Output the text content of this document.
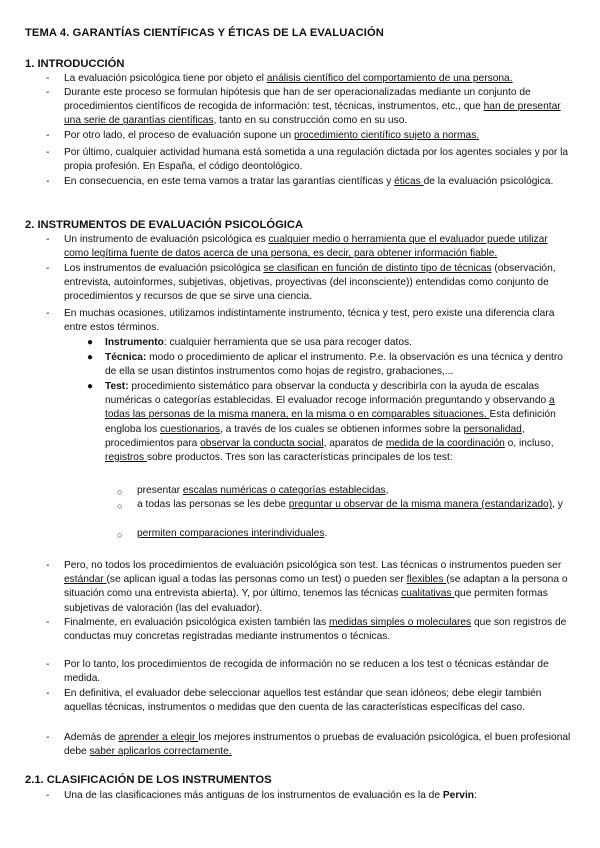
TEMA 4. GARANTÍAS CIENTÍFICAS Y ÉTICAS DE LA EVALUACIÓN
1. INTRODUCCIÓN
- La evaluación psicológica tiene por objeto el análisis científico del comportamiento de una persona.
- Durante este proceso se formulan hipótesis que han de ser operacionalizadas mediante un conjunto de procedimientos científicos de recogida de información: test, técnicas, instrumentos, etc., que han de presentar una serie de garantías científicas, tanto en su construcción como en su uso.
- Por otro lado, el proceso de evaluación supone un procedimiento científico sujeto a normas.
- Por último, cualquier actividad humana está sometida a una regulación dictada por los agentes sociales y por la propia profesión. En España, el código deontológico.
- En consecuencia, en este tema vamos a tratar las garantías científicas y éticas de la evaluación psicológica.
2. INSTRUMENTOS DE EVALUACIÓN PSICOLÓGICA
- Un instrumento de evaluación psicológica es cualquier medio o herramienta que el evaluador puede utilizar como legítima fuente de datos acerca de una persona, es decir, para obtener información fiable.
- Los instrumentos de evaluación psicológica se clasifican en función de distinto tipo de técnicas (observación, entrevista, autoinformes, subjetivas, objetivas, proyectivas (del inconsciente)) entendidas como conjunto de procedimientos y recursos de que se sirve una ciencia.
- En muchas ocasiones, utilizamos indistintamente instrumento, técnica y test, pero existe una diferencia clara entre estos términos.
● Instrumento: cualquier herramienta que se usa para recoger datos.
● Técnica: modo o procedimiento de aplicar el instrumento. P.e. la observación es una técnica y dentro de ella se usan distintos instrumentos como hojas de registro, grabaciones,...
● Test: procedimiento sistemático para observar la conducta y describirla con la ayuda de escalas numéricas o categorías establecidas. El evaluador recoge información preguntando y observando a todas las personas de la misma manera, en la misma o en comparables situaciones. Esta definición engloba los cuestionarios, a través de los cuales se obtienen informes sobre la personalidad, procedimientos para observar la conducta social, aparatos de medida de la coordinación o, incluso, registros sobre productos. Tres son las características principales de los test:
○ presentar escalas numéricas o categorías establecidas,
○ a todas las personas se les debe preguntar u observar de la misma manera (estandarizado), y
○ permiten comparaciones interindividuales.
- Pero, no todos los procedimientos de evaluación psicológica son test. Las técnicas o instrumentos pueden ser estándar (se aplican igual a todas las personas como un test) o pueden ser flexibles (se adaptan a la persona o situación como una entrevista abierta). Y, por último, tenemos las técnicas cualitativas que permiten formas subjetivas de valoración (las del evaluador).
- Finalmente, en evaluación psicológica existen también las medidas simples o moleculares que son registros de conductas muy concretas registradas mediante instrumentos o técnicas.
- Por lo tanto, los procedimientos de recogida de información no se reducen a los test o técnicas estándar de medida.
- En definitiva, el evaluador debe seleccionar aquellos test estándar que sean idóneos; debe elegir también aquellas técnicas, instrumentos o medidas que den cuenta de las características específicas del caso.
- Además de aprender a elegir los mejores instrumentos o pruebas de evaluación psicológica, el buen profesional debe saber aplicarlos correctamente.
2.1. CLASIFICACIÓN DE LOS INSTRUMENTOS
- Una de las clasificaciones más antiguas de los instrumentos de evaluación es la de Pervin:
